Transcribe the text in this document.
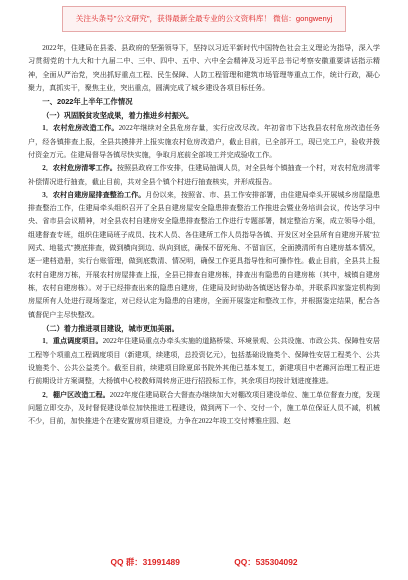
关注头条号"公文研究"，获得最新全最专业的公文资料库！ 微信：gongwenyj

2022年，住建局在县委、县政府的坚强领导下，坚持以习近平新时代中国特色社会主义理论为指导，深入学习贯彻党的十九大和十九届二中、三中、四中、五中、六中全会精神及习近平总书记考察安徽重要讲话指示精神，全面从严治党，突出抓好重点工程、民生保障、人防工程管理和建筑市场管理等重点工作，统计行政，凝心聚力，真抓实干，聚焦主业，突出重点，圆满完成了城乡建设各项目标任务。

一、2022年上半年工作情况

（一）巩固脱贫攻坚成果，着力推进乡村振兴。

1．农村危房改造工作。2022年继续对全县危房存量，实行应改尽改。年初省市下达我县农村危房改造任务户，经各镇排查上报，全县共摸排并上报实施农村危房改造户，截止目前，已全部开工，现已完工户，验收并拨付资金万元。住建局督导各镇尽快实施，争取月底前全部竣工并完成验收工作。

2．农村危房清零工作。按照县政府工作安排，住建局抽调人员，对全县每个镇抽查一个村，对农村危房清零补偿情况进行抽查，截止目前，共对全县个镇个村进行抽查核实，并形成报告。

3．农村自建房屋排查整治工作。月份以来，按照省、市、县工作安排部署，由住建局牵头开展城乡房屋隐患排查整治工作，住建局牵头组织召开了全县自建房屋安全隐患排查整治工作推进会暨业务培训会议，传达学习中央、省市县会议精神，对全县农村自建房安全隐患排查整治工作进行专题部署，制定整治方案，成立领导小组，组建督查专班，组织住建局班子成员、技术人员、各住建所工作人员指导各镇、开发区对全县所有自建房开展"拉网式、地毯式"摸底排查，做到横向到边、纵向到底，确保不留死角、不留盲区，全面摸清所有自建房基本情况，逐一建档造册，实行台账管理，做到底数清、情况明，确保工作更具指导性和可操作性。截止目前，全县共上报农村自建房万栋，开展农村房屋排查上报，全县已排查自建房栋，排查出有隐患的自建房栋（其中，城镇自建房栋，农村自建房栋）。对于已经排查出来的隐患自建房，住建局及时协助各镇逐达督办单，并联系四家鉴定机构到房屋所有人处进行现场鉴定，对已经认定为隐患的自建房，全面开展鉴定和整改工作，并根据鉴定结果，配合各镇督促户主尽快整改。

（二）着力推进项目建设，城市更加美丽。

1．重点调度项目。2022年住建局重点办牵头实施的道路桥梁、环境景观、公共设施、市政公共、保障性安居工程等个项重点工程调度项目（新建项，续建项，总投资亿元），包括基础设施类个、保障性安居工程类个、公共设施类个、公共公益类个。截至目前，续建项目除夏邱书院外其他已基本复工，新建项目中老濉河治理工程正进行前期设计方案调整，大杨镇中心校教师周转房正进行招投标工作，其余项目均按计划进度推进。

2．棚户区改造工程。2022年度住建局联合大督查办继续加大对棚改项目建设单位、施工单位督查力度，发现问题立即交办，及时督促建设单位加快推进工程建设，做到两下一个、交付一个，施工单位保证人员不减，机械不少，目前，加快推进个在建安置房项目建设，力争在2022年竣工交付博雅庄园、赵

QQ 群：31991489	QQ：535304092
